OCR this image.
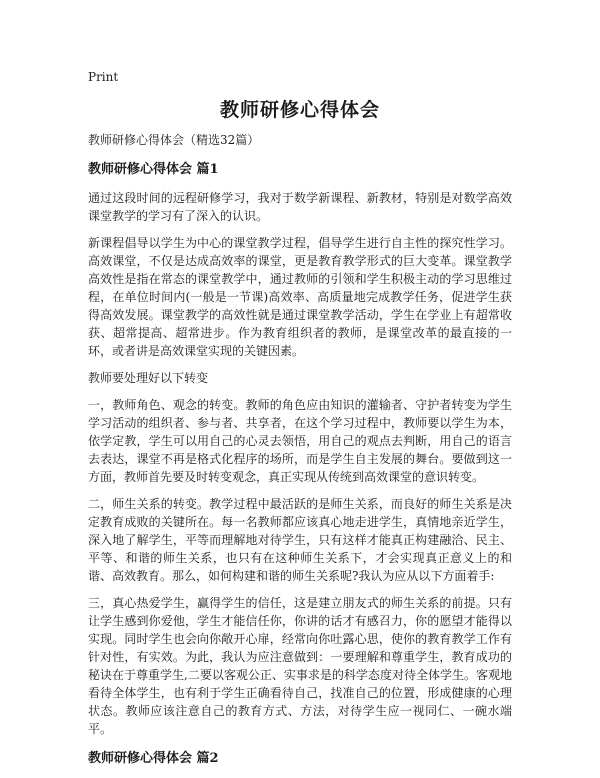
Print
教师研修心得体会
教师研修心得体会（精选32篇）
教师研修心得体会 篇1

通过这段时间的远程研修学习，我对于数学新课程、新教材，特别是对数学高效课堂教学的学习有了深入的认识。

新课程倡导以学生为中心的课堂教学过程，倡导学生进行自主性的探究性学习。高效课堂，不仅是达成高效率的课堂，更是教育教学形式的巨大变革。课堂教学高效性是指在常态的课堂教学中，通过教师的引领和学生积极主动的学习思维过程，在单位时间内(一般是一节课)高效率、高质量地完成教学任务，促进学生获得高效发展。课堂教学的高效性就是通过课堂教学活动，学生在学业上有超常收获、超常提高、超常进步。作为教育组织者的教师，是课堂改革的最直接的一环，或者讲是高效课堂实现的关键因素。

教师要处理好以下转变

一，教师角色、观念的转变。教师的角色应由知识的灌输者、守护者转变为学生学习活动的组织者、参与者、共享者，在这个学习过程中，教师要以学生为本，依学定教，学生可以用自己的心灵去领悟，用自己的观点去判断，用自己的语言去表达，课堂不再是格式化程序的场所，而是学生自主发展的舞台。要做到这一方面，教师首先要及时转变观念，真正实现从传统到高效课堂的意识转变。

二，师生关系的转变。教学过程中最活跃的是师生关系，而良好的师生关系是决定教育成败的关键所在。每一名教师都应该真心地走进学生，真情地亲近学生，深入地了解学生，平等而理解地对待学生，只有这样才能真正构建融洽、民主、平等、和谐的师生关系，也只有在这种师生关系下，才会实现真正意义上的和谐、高效教育。那么，如何构建和谐的师生关系呢?我认为应从以下方面着手:

三，真心热爱学生，赢得学生的信任，这是建立朋友式的师生关系的前提。只有让学生感到你爱他，学生才能信任你，你讲的话才有感召力，你的愿望才能得以实现。同时学生也会向你敞开心扉，经常向你吐露心思，使你的教育教学工作有针对性，有实效。为此，我认为应注意做到：一要理解和尊重学生，教育成功的秘诀在于尊重学生,二要以客观公正、实事求是的科学态度对待全体学生。客观地看待全体学生，也有利于学生正确看待自己，找准自己的位置，形成健康的心理状态。教师应该注意自己的教育方式、方法，对待学生应一视同仁、一碗水端平。

教师研修心得体会 篇2
